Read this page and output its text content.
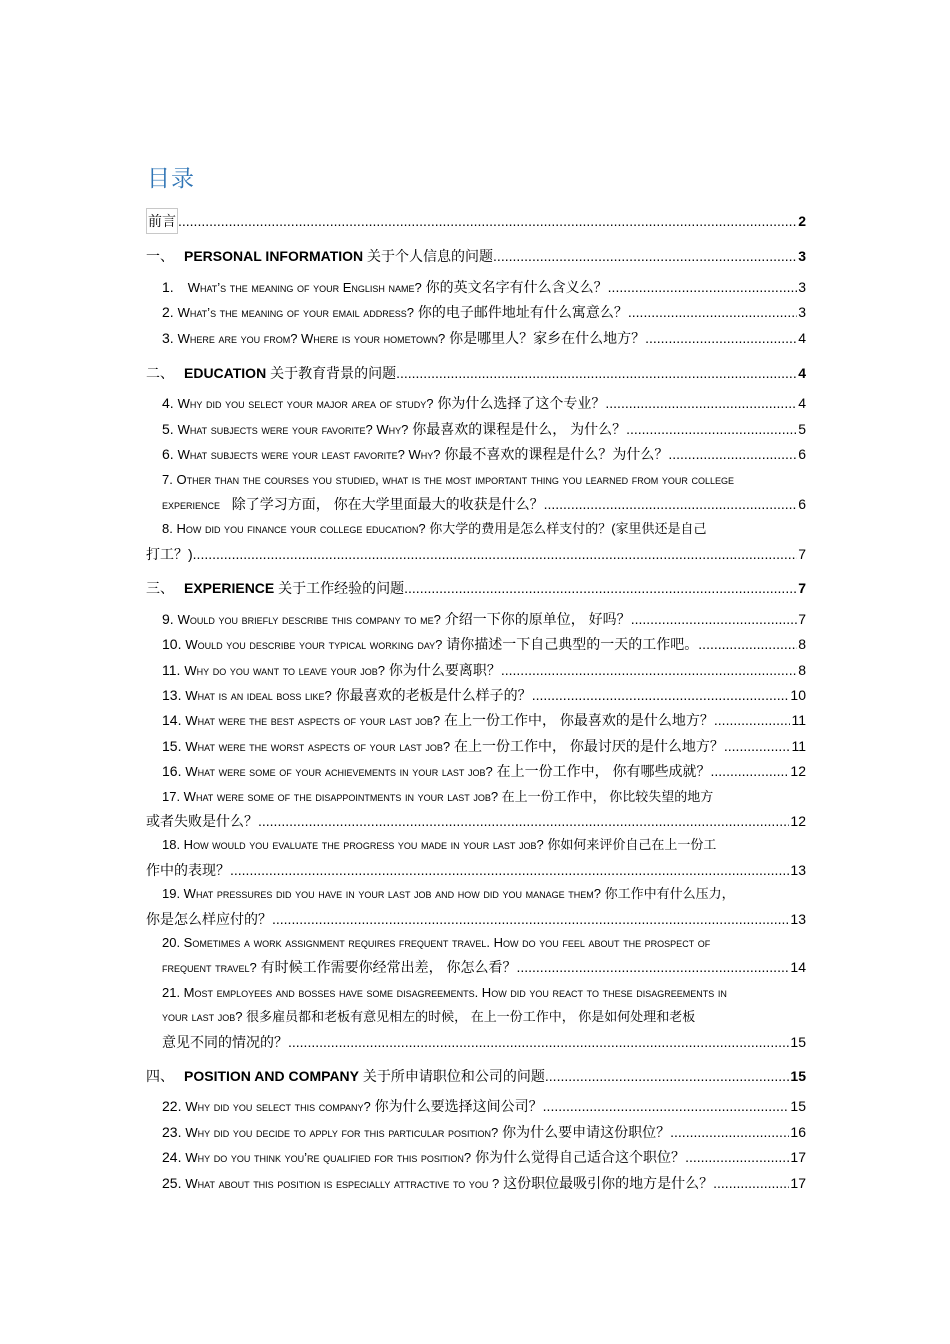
目录
前言 .....	2
一、 PERSONAL INFORMATION 关于个人信息的问题 .....	3
1. What’s the meaning of your English name? 你的英文名字有什么含义么？ .....	3
2. What’s the meaning of your email address? 你的电子邮件地址有什么寓意么？ .....	3
3. Where are you from? Where is your hometown? 你是哪里人？家乡在什么地方？ .....	4
二、 EDUCATION 关于教育背景的问题 .....	4
4. Why did you select your major area of study? 你为什么选择了这个专业？ .....	4
5. What subjects were your favorite? Why? 你最喜欢的课程是什么， 为什么？ .....	5
6. What subjects were your least favorite? Why? 你最不喜欢的课程是什么？为什么？ .....	6
7. Other than the courses you studied, what is the most important thing you learned from your college
experience 除了学习方面， 你在大学里面最大的收获是什么？ .....	6
8. How did you finance your college education? 你大学的费用是怎么样支付的？(家里供还是自己
打工？) .....	7
三、 EXPERIENCE 关于工作经验的问题 .....	7
9. Would you briefly describe this company to me? 介绍一下你的原单位， 好吗？ .....	7
10. Would you describe your typical working day? 请你描述一下自己典型的一天的工作吧。 .....	8
11. Why do you want to leave your job? 你为什么要离职？ .....	8
13. What is an ideal boss like? 你最喜欢的老板是什么样子的？ .....	10
14. What were the best aspects of your last job? 在上一份工作中， 你最喜欢的是什么地方？ .....	11
15. What were the worst aspects of your last job? 在上一份工作中， 你最讨厌的是什么地方？ .....	11
16. What were some of your achievements in your last job? 在上一份工作中， 你有哪些成就？ .....	12
17. What were some of the disappointments in your last job? 在上一份工作中， 你比较失望的地方
或者失败是什么？ .....	12
18. How would you evaluate the progress you made in your last job? 你如何来评价自己在上一份工
作中的表现？ .....	13
19. What pressures did you have in your last job and how did you manage them? 你工作中有什么压力，
你是怎么样应付的？ .....	13
20. Sometimes a work assignment requires frequent travel. How do you feel about the prospect of
frequent travel? 有时候工作需要你经常出差， 你怎么看？ .....	14
21. Most employees and bosses have some disagreements. How did you react to these disagreements in
your last job? 很多雇员都和老板有意见相左的时候， 在上一份工作中， 你是如何处理和老板
意见不同的情况的？ .....	15
四、 POSITION AND COMPANY 关于所申请职位和公司的问题 .....	15
22. Why did you select this company? 你为什么要选择这间公司？ .....	15
23. Why did you decide to apply for this particular position? 你为什么要申请这份职位？ .....	16
24. Why do you think you’re qualified for this position? 你为什么觉得自己适合这个职位？ .....	17
25. What about this position is especially attractive to you ? 这份职位最吸引你的地方是什么？ .....	17
